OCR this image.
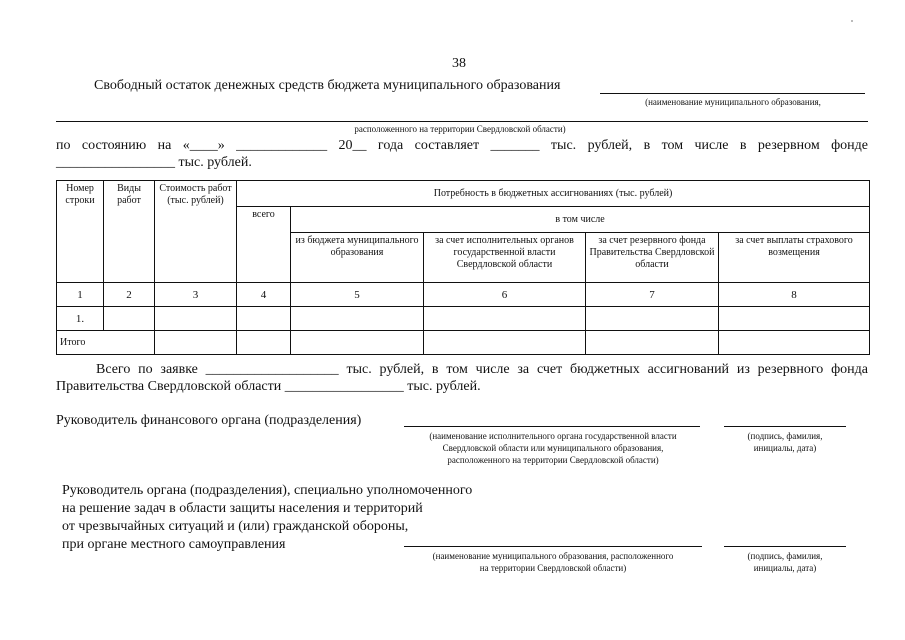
38
Свободный остаток денежных средств бюджета муниципального образования
(наименование муниципального образования,
расположенного на территории Свердловской области)
по состоянию на «____» _____________ 20__ года составляет _______ тыс. рублей, в том числе в резервном фонде
_________________ тыс. рублей.
Номер строки	Виды работ	Стоимость работ (тыс. рублей)	Потребность в бюджетных ассигнованиях (тыс. рублей)				
			всего	в том числе			
				из бюджета муниципального образования	за счет исполнительных органов государственной власти Свердловской области	за счет резервного фонда Правительства Свердловской области	за счет выплаты страхового возмещения
1	2	3	4	5	6	7	8
1.							
Итого							
Всего по заявке ___________________ тыс. рублей, в том числе за счет бюджетных ассигнований из резервного фонда
Правительства Свердловской области _________________ тыс. рублей.
Руководитель финансового органа (подразделения)
(наименование исполнительного органа государственной власти
Свердловской области или муниципального образования,
расположенного на территории Свердловской области)
(подпись, фамилия,
инициалы, дата)
Руководитель органа (подразделения), специально уполномоченного
на решение задач в области защиты населения и территорий
от чрезвычайных ситуаций и (или) гражданской обороны,
при органе местного самоуправления
(наименование муниципального образования, расположенного
на территории Свердловской области)
(подпись, фамилия,
инициалы, дата)
